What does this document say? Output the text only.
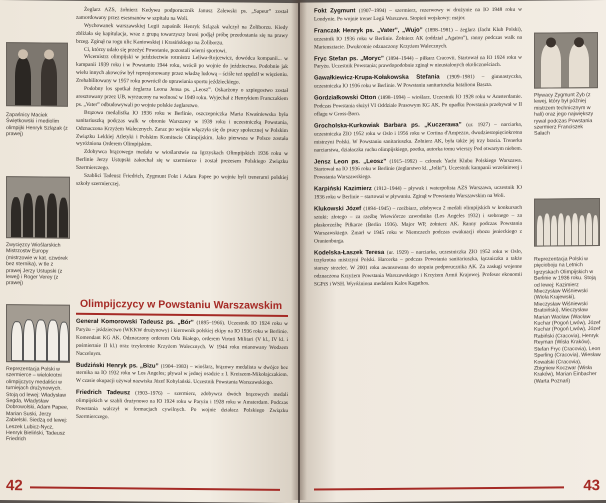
Zapaśnicy Maciek Świętkowski i mediolim olimpijki Henryk Szlązak (z prawej)
Zwycięzcy Wioślarskich Mistrzostw Europy (mistrzowie w kat. czwórek bez sternika), w tle z prawej Jerzy Ustupski (z lewej) i Roger Verey (z prawej)
Reprezentacja Polski w szermierce – wielokrotni olimpijczycy medaliści w turniejach drużynowych. Stoją od lewej: Władysław Segda, Władysław Dobrowolski, Adam Papee, Marian Suski, Jerzy Zabielski. Siedzą od lewej: Leszek Lubicz-Nycz, Henryk Bieliński, Tadeusz Friedrich

Żeglarz AZS, żołnierz Kedywu podporucznik Janusz Zalewski ps. „Sapeur” został zamordowany przez esesmanów w szpitalu na Woli.

Wychowanek warszawskiej Legii zapaśnik Henryk Szlązak walczył na Żoliborzu. Kiedy zbliżała się kapitulacja, wraz z grupą towarzyszy broni podjął próbę przedostania się na prawy brzeg. Zginął na rogu ulic Kaniowskiej i Krasińskiego na Żoliborzu.

Ci, którzy udało się przeżyć Powstanie, pozostali wierni sportowi.

Wicemistrz olimpijski w jeździectwie rotmistrz Leliwa-Rojcewicz, dowódca kompanii... w kampanii 1939 roku i w Powstaniu 1944 roku, wrócił po wojnie do jeździectwa. Podobnie jak wielu innych akowców był represjonowany przez władzę ludową – ściśle też spędził w więzieniu. Zrehabilitowany w 1957 roku powrócił do uprawiania sportu jeździeckiego.

Podobny los spotkał żeglarza Leona Jensa ps. „Leosz”. Oskarżony o szpiegostwo został aresztowany przez UB, wyrzucony na wolnosć w 1949 roku. Wyjechał z Henrykiem Franczakiem ps. „Vater” odbudowywali po wojnie polskie żeglarstwo.

Brązowa medalistka IO 1936 roku w Berlinie, oszczepniczka Maria Kwaśniewska była sanitariuszką podczas walk w obronie Warszawy w 1939 roku i uczestniczką Powstania, Odznaczona Krzyżem Walecznych. Zaraz po wojnie włączyła się do pracy społecznej w Polskim Związku Lekkiej Atletyki i Polskim Komitecie Olimpijskim. Jako pierwsza w Polsce została wyróżniona Orderem Olimpijskim.

Zdobywca brązowego medalu w wioślarstwie na Igrzyskach Olimpijskich 1936 roku w Berlinie Jerzy Ustupski zakochał się w szermierce i został prezesem Polskiego Związku Szermierczego.

Szablici Tadeusz Friedrich, Zygmunt Fokt i Adam Papee po wojnie byli trenerami polskiej szkoły szermierczej.

Olimpijczycy w Powstaniu Warszawskim
Generał Komorowski Tadeusz ps. „Bór” (1895–1966). Uczestnik IO 1924 roku w Paryżu – jeździectwo (WKKW drużynowy) i kierownik polskiej ekipy na IO 1936 roku w Berlinie. Komendant KG AK. Odznaczony orderem Orła Białego, orderem Virtuti Militari (V kl., IV kl. i pośmiertnie II kl.) oraz trzykrotnie Krzyżem Walecznych. W 1944 roku mianowany Wodzem Naczelnym.
Budziński Henryk ps. „Bizu” (1904–1983) – wioślarz, brązowy medalista w dwójce bez sternika na IO 1932 roku w Los Angeles; pływał w jednej osadzie z I. Kreiszem-Mikołajczakiem. W czasie okupacji używał nazwiska Józef Kobylański. Uczestnik Powstania Warszawskiego.
Friedrich Tadeusz (1903–1976) – szermierz, zdobywca dwóch brązowych medali olimpijskich w szabli drużynowo na IO 1924 roku w Paryżu i 1928 roku w Amsterdam. Podczas Powstania walczył w formacjach cywilnych. Po wojnie działacz Polskiego Związku Szermierczego.
42
Fokt Zygmunt (1907–1994) – szermierz, rezerwowy w drużynie na IO 1948 roku w Londynie. Po wojnie trener Legii Warszawa. Stopień wojskowy: major.
Franczak Henryk ps. „Vater”, „Wujo” (1898–1981) – żeglarz (Jacht Klub Polski), uczestnik IO 1936 roku w Berlinie. Żołnierz AK (oddział „Agaton”), ranny podczas walk na Mariensztacie. Dwukrotnie odznaczony Krzyżem Walecznych.
Fryc Stefan ps. „Moryc” (1894–1944) – piłkarz Cracovii. Startował na IO 1924 roku w Paryżu. Uczestnik Powstania; prawdopodobnie zginął w nieustalonych okolicznościach.
Gawałkiewicz-Krupa-Kołakowska Stefania (1909–1981) – gimnastyczka, uczestniczka IO 1936 roku w Berlinie. W Powstaniu sanitariuszka batalionu Baszta.
Gordziałkowski Otton (1898–1994) – wioślarz. Uczestnik IO 1928 roku w Amsterdamie. Podczas Powstania służył VI Oddziale Prasowym KG AK. Po upadku Powstania przebywał w II oflagu w Gross-Born.
Grocholska-Kurkowiak Barbara ps. „Kuczerawa” (ur. 1927) – narciarka, uczestniczka ZIO 1952 roku w Oslo i 1956 roku w Cortina d'Ampezzo, dwudziestopięciokrotna mistrzyni Polski. W Powstaniu sanitariuszka. Żołnierz AK, była także jej trzy bracia. Trenerka narciarstwa, działaczka ruchu olimpijskiego, poetka, autorka tomu wierszy Pod otwartym niebem.
Jensz Leon ps. „Leosz” (1915–1992) – członek Yacht Klubu Polskiego Warszawa. Startował na IO 1936 roku w Berlinie (żeglarstwo kl. „Jolki”). Uczestnik kampanii wrześniowej i Powstania Warszawskiego.
Karpiński Kazimierz (1912–1944) – pływak i waterpolista AZS Warszawa, uczestnik IO 1936 roku w Berlinie – startował w pływaniu. Zginął w Powstaniu Warszawskim na Woli.
Klukowski Józef (1894–1945) – rzeźbiarz, zdobywca 2 medali olimpijskich w konkursach sztuki: złotego – za rzeźbę Wiewiórcze zawodnika (Los Angeles 1932) i srebrnego – za płaskorzeźbę Piłkarze (Berlin 1936). Major WP, żołnierz AK. Ranny podczas Powstania Warszawskiego. Zmarł w 1945 roku w Niemczech podczas ewakuacji obozu jenieckiego z Oranienburga.
Kodelska-Łaszek Teresa (ur. 1929) – narciarka, uczestniczka ZIO 1952 roku w Oslo, trzykrotna mistrzyni Polski. Harcerka – podczas Powstania sanitariuszka, łączniczka a także starszy strzelec. W 2001 roku awansowana do stopnia podporucznika AK. Za zasługi wojenne odznaczona Krzyżem Powstania Warszawskiego i Krzyżem Armii Krajowej. Profesor ekonomii SGPiS i WSH. Wyróżniona medalem Kalos Kagathos.
Pływacy Zygmunt Zyb (z lewej, który był później mistrzem technicznym w hali) oraz jego największy rywal podczas Powstania szermierz Franciszek Sałach
Reprezentacja Polski w pięcioboju na Letnich Igrzyskach Olimpijskich w Berlinie w 1936 roku. Stoją od lewej: Kazimierz Mieczysław Wiśniewski (Wiola Krajewski), Mieczysław Wiśniewski Bratoiński), Mieczysław Marian Wacław (Wacław Kuchar (Pogoń Lwów), Józef Kuchar (Pogoń Lwów), Józef Rabiński (Cracovia), Henryk Reyman (Wisła Kraków), Stefan Fryc (Cracovia), Leon Sperling (Cracovia), Wiesław Kowalski (Cracovia), Zbigniew Koczwar (Wisła Kraków), Marian Einbacher (Warta Poznań)
43
